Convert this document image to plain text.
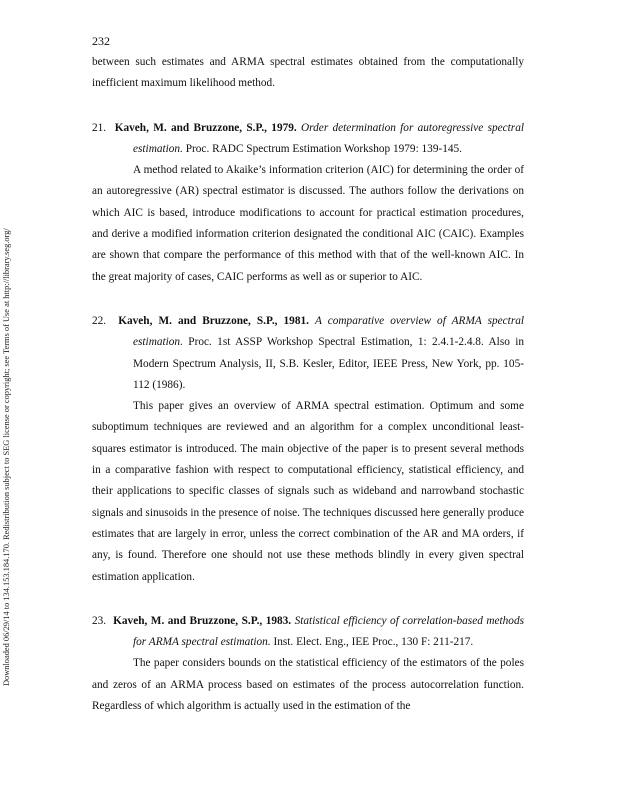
232
Downloaded 06/29/14 to 134.153.184.170. Redistribution subject to SEG license or copyright; see Terms of Use at http://library.seg.org/

between such estimates and ARMA spectral estimates obtained from the computationally inefficient maximum likelihood method.

21. Kaveh, M. and Bruzzone, S.P., 1979. Order determination for autoregressive spectral estimation. Proc. RADC Spectrum Estimation Workshop 1979: 139-145.

A method related to Akaike’s information criterion (AIC) for determining the order of an autoregressive (AR) spectral estimator is discussed. The authors follow the derivations on which AIC is based, introduce modifications to account for practical estimation procedures, and derive a modified information criterion designated the conditional AIC (CAIC). Examples are shown that compare the performance of this method with that of the well-known AIC. In the great majority of cases, CAIC performs as well as or superior to AIC.

22. Kaveh, M. and Bruzzone, S.P., 1981. A comparative overview of ARMA spectral estimation. Proc. 1st ASSP Workshop Spectral Estimation, 1: 2.4.1-2.4.8. Also in Modern Spectrum Analysis, II, S.B. Kesler, Editor, IEEE Press, New York, pp. 105-112 (1986).

This paper gives an overview of ARMA spectral estimation. Optimum and some suboptimum techniques are reviewed and an algorithm for a complex unconditional least-squares estimator is introduced. The main objective of the paper is to present several methods in a comparative fashion with respect to computational efficiency, statistical efficiency, and their applications to specific classes of signals such as wideband and narrowband stochastic signals and sinusoids in the presence of noise. The techniques discussed here generally produce estimates that are largely in error, unless the correct combination of the AR and MA orders, if any, is found. Therefore one should not use these methods blindly in every given spectral estimation application.

23. Kaveh, M. and Bruzzone, S.P., 1983. Statistical efficiency of correlation-based methods for ARMA spectral estimation. Inst. Elect. Eng., IEE Proc., 130 F: 211-217.

The paper considers bounds on the statistical efficiency of the estimators of the poles and zeros of an ARMA process based on estimates of the process autocorrelation function. Regardless of which algorithm is actually used in the estimation of the
